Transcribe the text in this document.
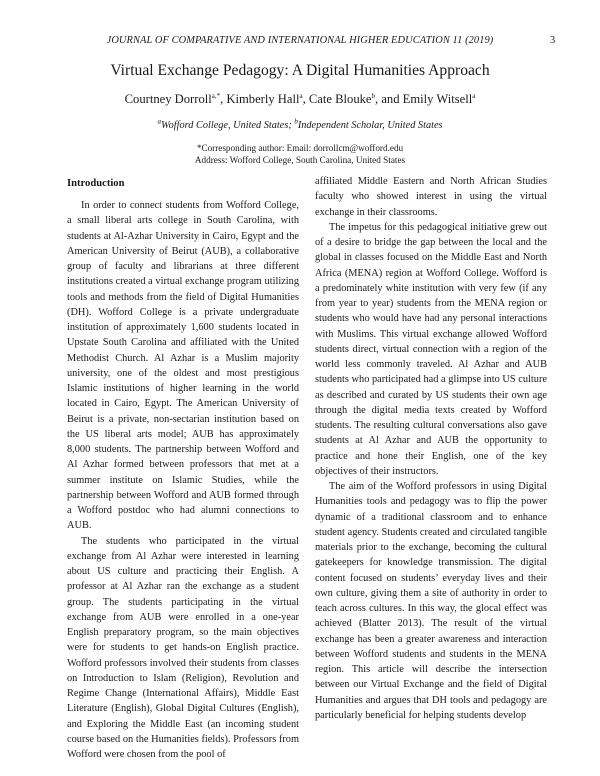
JOURNAL OF COMPARATIVE AND INTERNATIONAL HIGHER EDUCATION 11 (2019)	3
Virtual Exchange Pedagogy: A Digital Humanities Approach
Courtney Dorroll$^{a,*}$, Kimberly Hall$^a$, Cate Blouke$^b$, and Emily Witsell$^a$
$^a$Wofford College, United States; $^b$Independent Scholar, United States
*Corresponding author: Email: dorrollcm@wofford.edu
Address: Wofford College, South Carolina, United States
Introduction

In order to connect students from Wofford College, a small liberal arts college in South Carolina, with students at Al-Azhar University in Cairo, Egypt and the American University of Beirut (AUB), a collaborative group of faculty and librarians at three different institutions created a virtual exchange program utilizing tools and methods from the field of Digital Humanities (DH). Wofford College is a private undergraduate institution of approximately 1,600 students located in Upstate South Carolina and affiliated with the United Methodist Church. Al Azhar is a Muslim majority university, one of the oldest and most prestigious Islamic institutions of higher learning in the world located in Cairo, Egypt. The American University of Beirut is a private, non-sectarian institution based on the US liberal arts model; AUB has approximately 8,000 students. The partnership between Wofford and Al Azhar formed between professors that met at a summer institute on Islamic Studies, while the partnership between Wofford and AUB formed through a Wofford postdoc who had alumni connections to AUB.

The students who participated in the virtual exchange from Al Azhar were interested in learning about US culture and practicing their English. A professor at Al Azhar ran the exchange as a student group. The students participating in the virtual exchange from AUB were enrolled in a one-year English preparatory program, so the main objectives were for students to get hands-on English practice. Wofford professors involved their students from classes on Introduction to Islam (Religion), Revolution and Regime Change (International Affairs), Middle East Literature (English), Global Digital Cultures (English), and Exploring the Middle East (an incoming student course based on the Humanities fields). Professors from Wofford were chosen from the pool of

affiliated Middle Eastern and North African Studies faculty who showed interest in using the virtual exchange in their classrooms.

The impetus for this pedagogical initiative grew out of a desire to bridge the gap between the local and the global in classes focused on the Middle East and North Africa (MENA) region at Wofford College. Wofford is a predominately white institution with very few (if any from year to year) students from the MENA region or students who would have had any personal interactions with Muslims. This virtual exchange allowed Wofford students direct, virtual connection with a region of the world less commonly traveled. Al Azhar and AUB students who participated had a glimpse into US culture as described and curated by US students their own age through the digital media texts created by Wofford students. The resulting cultural conversations also gave students at Al Azhar and AUB the opportunity to practice and hone their English, one of the key objectives of their instructors.

The aim of the Wofford professors in using Digital Humanities tools and pedagogy was to flip the power dynamic of a traditional classroom and to enhance student agency. Students created and circulated tangible materials prior to the exchange, becoming the cultural gatekeepers for knowledge transmission. The digital content focused on students’ everyday lives and their own culture, giving them a site of authority in order to teach across cultures. In this way, the glocal effect was achieved (Blatter 2013). The result of the virtual exchange has been a greater awareness and interaction between Wofford students and students in the MENA region. This article will describe the intersection between our Virtual Exchange and the field of Digital Humanities and argues that DH tools and pedagogy are particularly beneficial for helping students develop
